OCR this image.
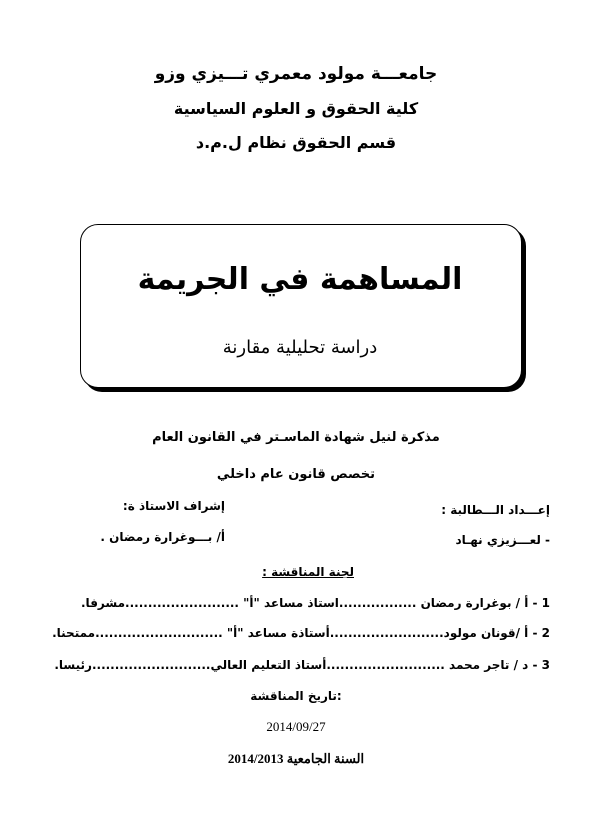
جامعـــة مولود معمري تـــيزي وزو
كلية الحقوق و العلوم السياسية
قسم الحقوق نظام ل.م.د
المساهمة في الجريمة
دراسة تحليلية مقارنة
مذكرة لنيل شهادة الماسـتر في القانون العام
تخصص قانون عام داخلي
إعـــداد الـــطالبة :
- لعـــزيزي نهـاد
إشراف الاستاذ ة:
أ/ بـــوغرارة رمضان .
لجنة المناقشة :
1 - أ / بوغرارة رمضان .................استاذ مساعد "أ" .........................مشرفا.
2 - أ /قونان مولود.........................أستاذة مساعد "أ" ............................ممتحنا.
3 - د / تاجر محمد ..........................أستاذ التعليم العالي..........................رئيسا.
تاريخ المناقشة:
2014/09/27
السنة الجامعية 2014/2013
